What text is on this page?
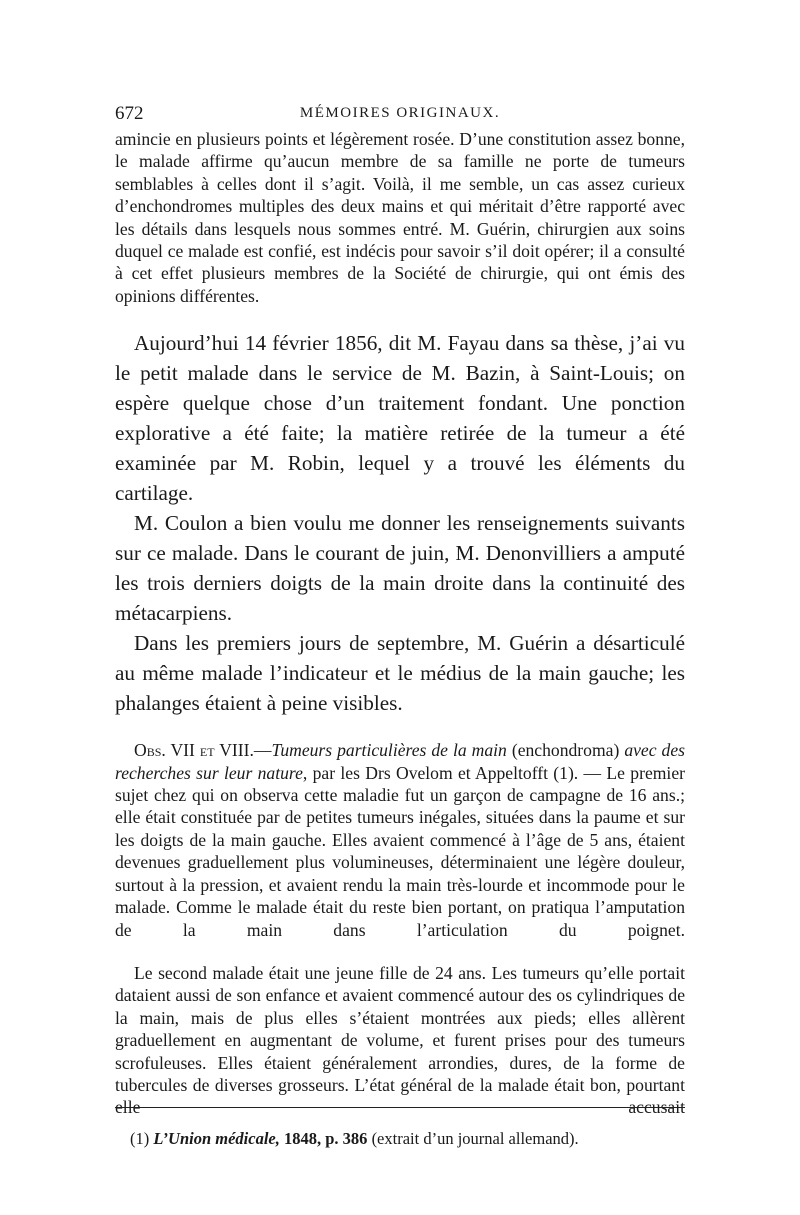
672	MÉMOIRES ORIGINAUX.

amincie en plusieurs points et légèrement rosée. D’une constitution assez bonne, le malade affirme qu’aucun membre de sa famille ne porte de tumeurs semblables à celles dont il s’agit. Voilà, il me semble, un cas assez curieux d’enchondromes multiples des deux mains et qui méritait d’être rapporté avec les détails dans lesquels nous sommes entré. M. Guérin, chirurgien aux soins duquel ce malade est confié, est indécis pour savoir s’il doit opérer; il a consulté à cet effet plusieurs membres de la Société de chirurgie, qui ont émis des opinions différentes.

Aujourd’hui 14 février 1856, dit M. Fayau dans sa thèse, j’ai vu le petit malade dans le service de M. Bazin, à Saint-Louis; on espère quelque chose d’un traitement fondant. Une ponction explorative a été faite; la matière retirée de la tumeur a été examinée par M. Robin, lequel y a trouvé les éléments du cartilage.

M. Coulon a bien voulu me donner les renseignements suivants sur ce malade. Dans le courant de juin, M. Denonvilliers a amputé les trois derniers doigts de la main droite dans la continuité des métacarpiens.

Dans les premiers jours de septembre, M. Guérin a désarticulé au même malade l’indicateur et le médius de la main gauche; les phalanges étaient à peine visibles.

Obs. VII et VIII.—Tumeurs particulières de la main (enchondroma) avec des recherches sur leur nature, par les Drs Ovelom et Appeltofft (1). — Le premier sujet chez qui on observa cette maladie fut un garçon de campagne de 16 ans.; elle était constituée par de petites tumeurs inégales, situées dans la paume et sur les doigts de la main gauche. Elles avaient commencé à l’âge de 5 ans, étaient devenues graduellement plus volumineuses, déterminaient une légère douleur, surtout à la pression, et avaient rendu la main très-lourde et incommode pour le malade. Comme le malade était du reste bien portant, on pratiqua l’amputation de la main dans l’articulation du poignet.

Le second malade était une jeune fille de 24 ans. Les tumeurs qu’elle portait dataient aussi de son enfance et avaient commencé autour des os cylindriques de la main, mais de plus elles s’étaient montrées aux pieds; elles allèrent graduellement en augmentant de volume, et furent prises pour des tumeurs scrofuleuses. Elles étaient généralement arrondies, dures, de la forme de tubercules de diverses grosseurs. L’état général de la malade était bon, pourtant elle accusait

(1) L’Union médicale, 1848, p. 386 (extrait d’un journal allemand).
